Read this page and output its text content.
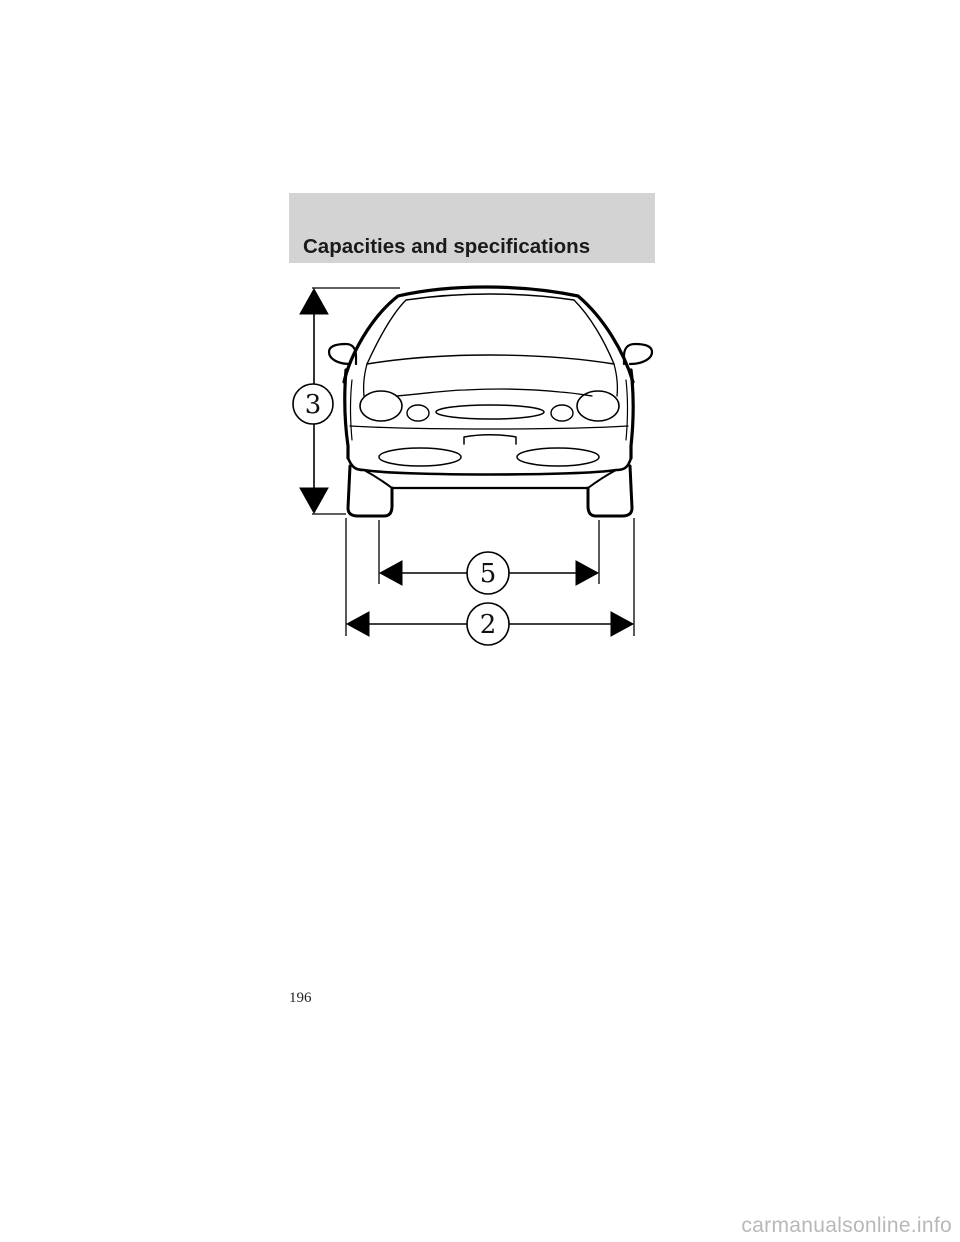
Capacities and specifications
3
5
2
196
carmanualsonline.info
